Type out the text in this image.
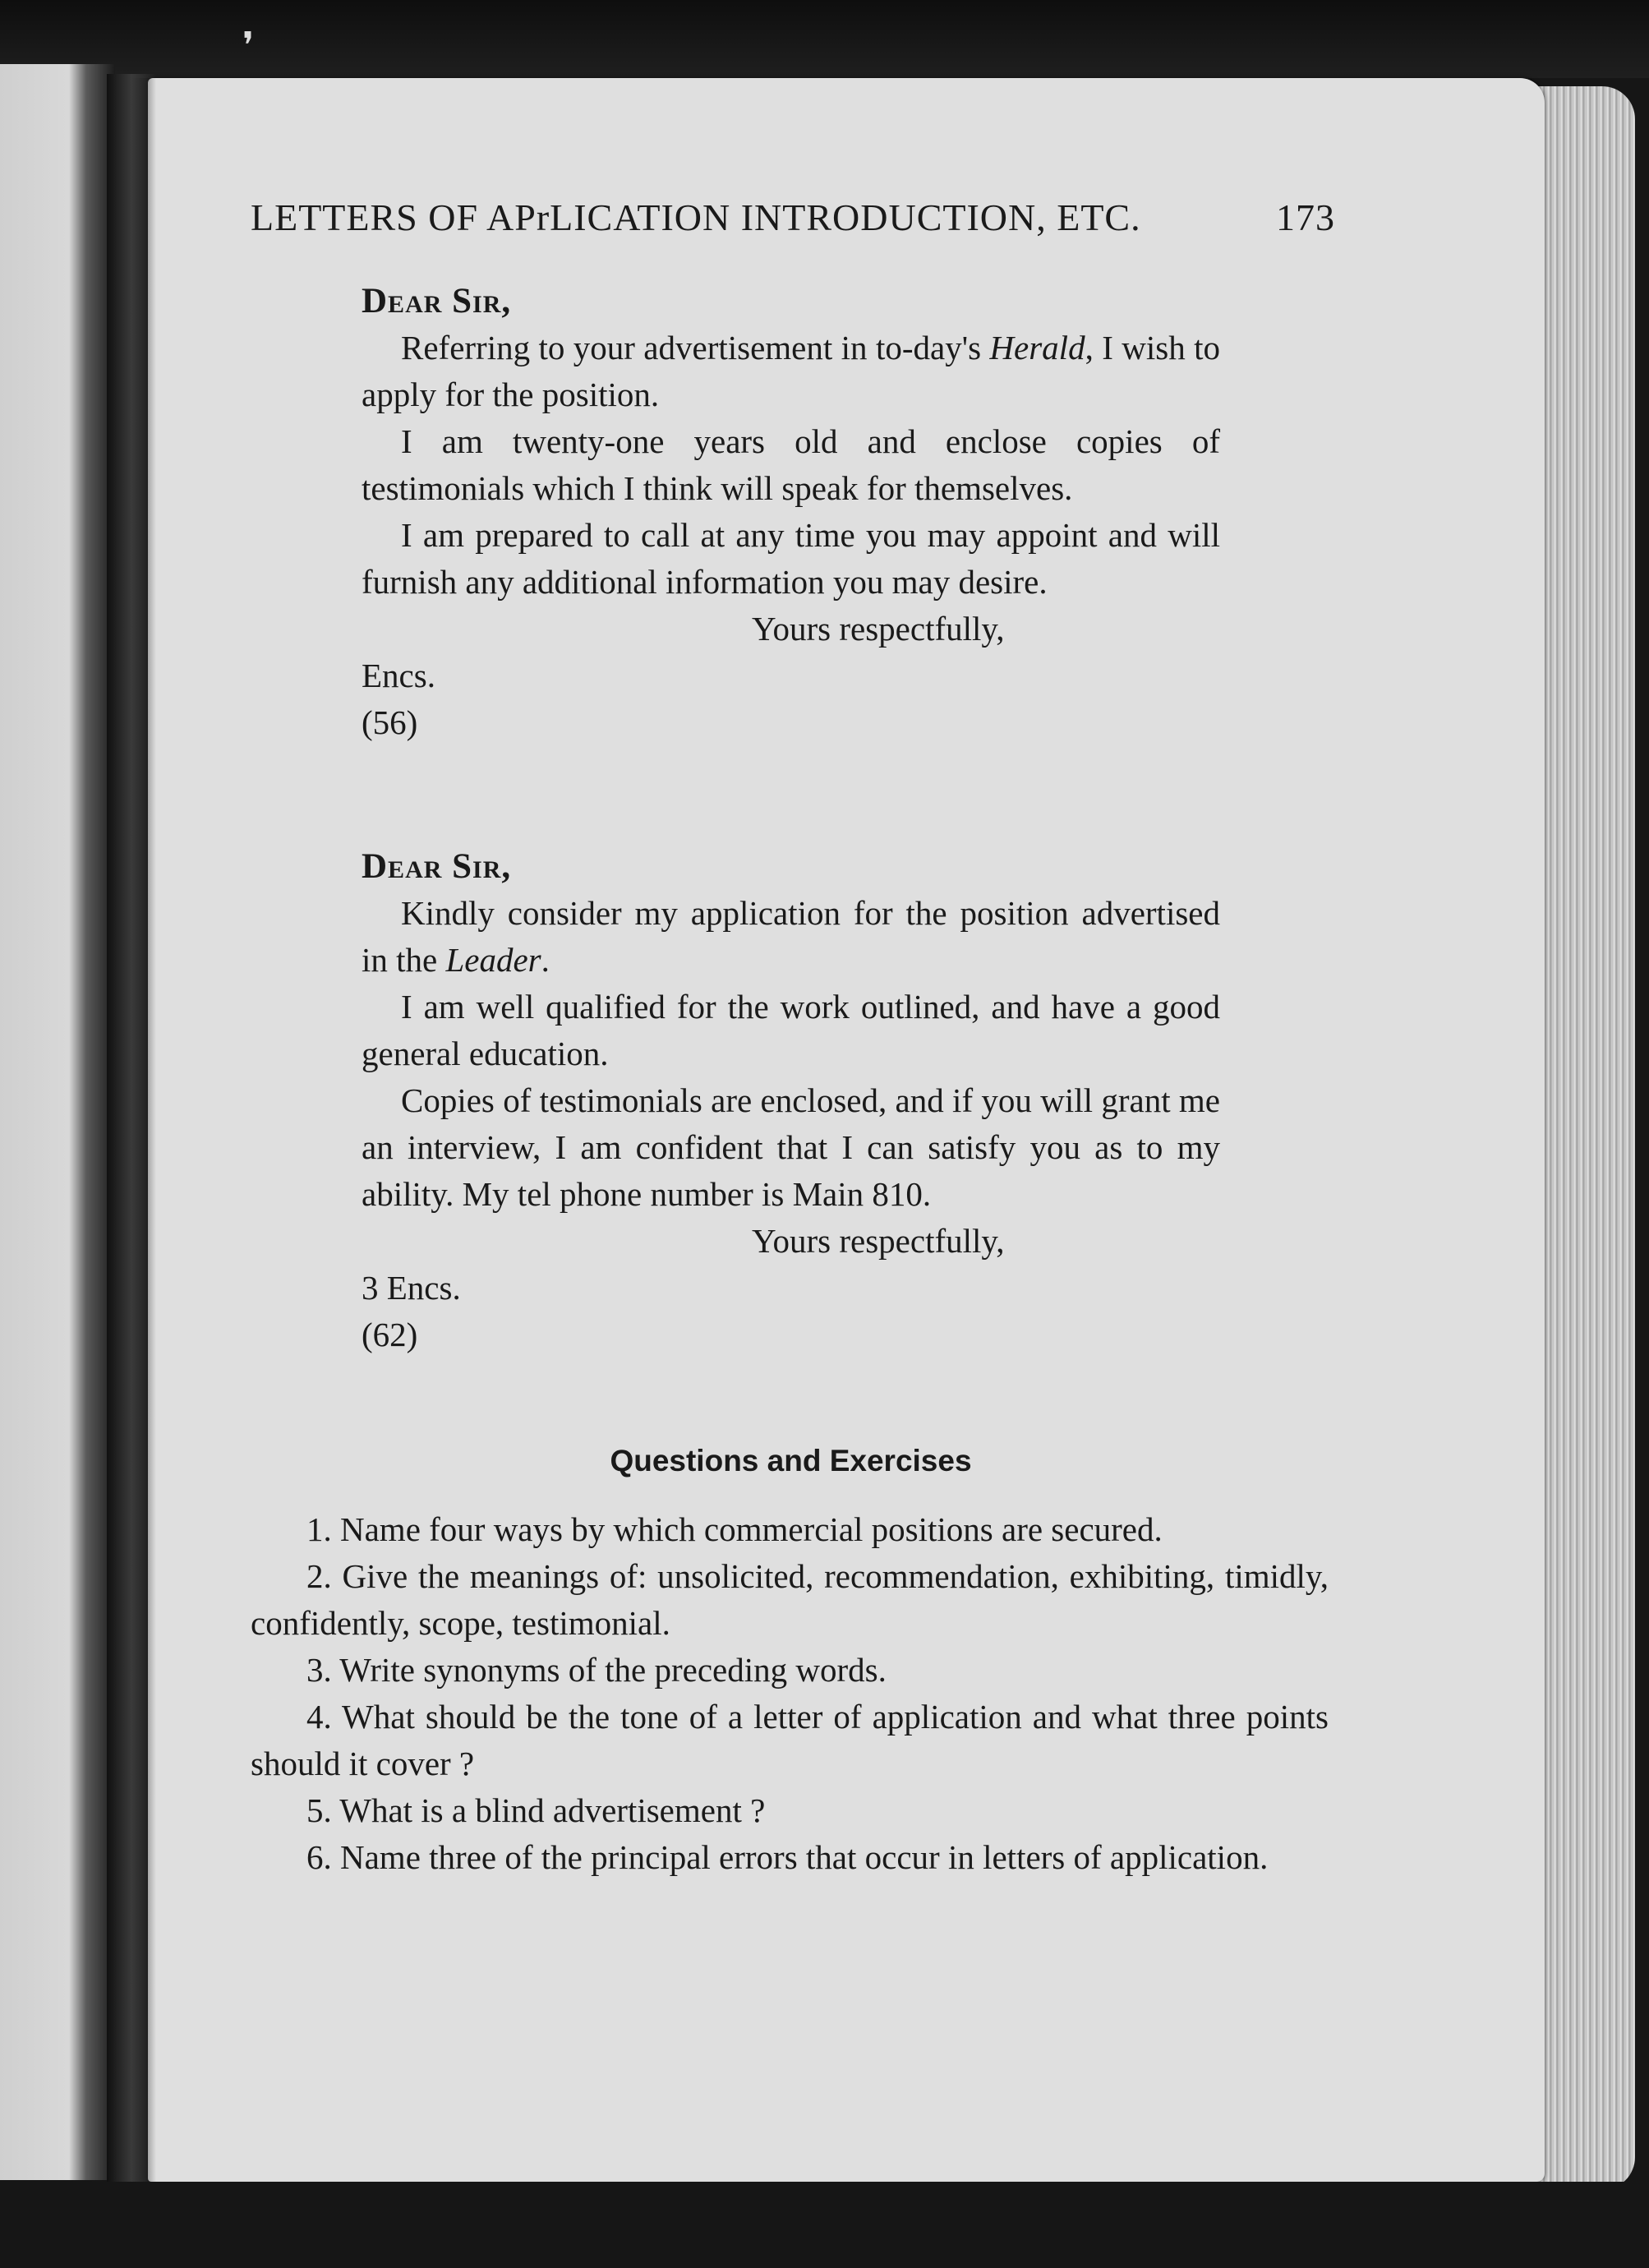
❜
LETTERS OF APrLICATION INTRODUCTION, ETC.	173

Dear Sir,

Referring to your advertisement in to-day's Herald, I wish to apply for the position.

I am twenty-one years old and enclose copies of testimonials which I think will speak for themselves.

I am prepared to call at any time you may appoint and will furnish any additional information you may desire.

Yours respectfully,

Encs.

(56)

Dear Sir,

Kindly consider my application for the position advertised in the Leader.

I am well qualified for the work outlined, and have a good general education.

Copies of testimonials are enclosed, and if you will grant me an interview, I am confident that I can satisfy you as to my ability. My tel phone number is Main 810.

Yours respectfully,

3 Encs.

(62)

Questions and Exercises

1. Name four ways by which commercial positions are secured.

2. Give the meanings of: unsolicited, recommendation, exhibiting, timidly, confidently, scope, testimonial.

3. Write synonyms of the preceding words.

4. What should be the tone of a letter of application and what three points should it cover ?

5. What is a blind advertisement ?

6. Name three of the principal errors that occur in letters of application.
